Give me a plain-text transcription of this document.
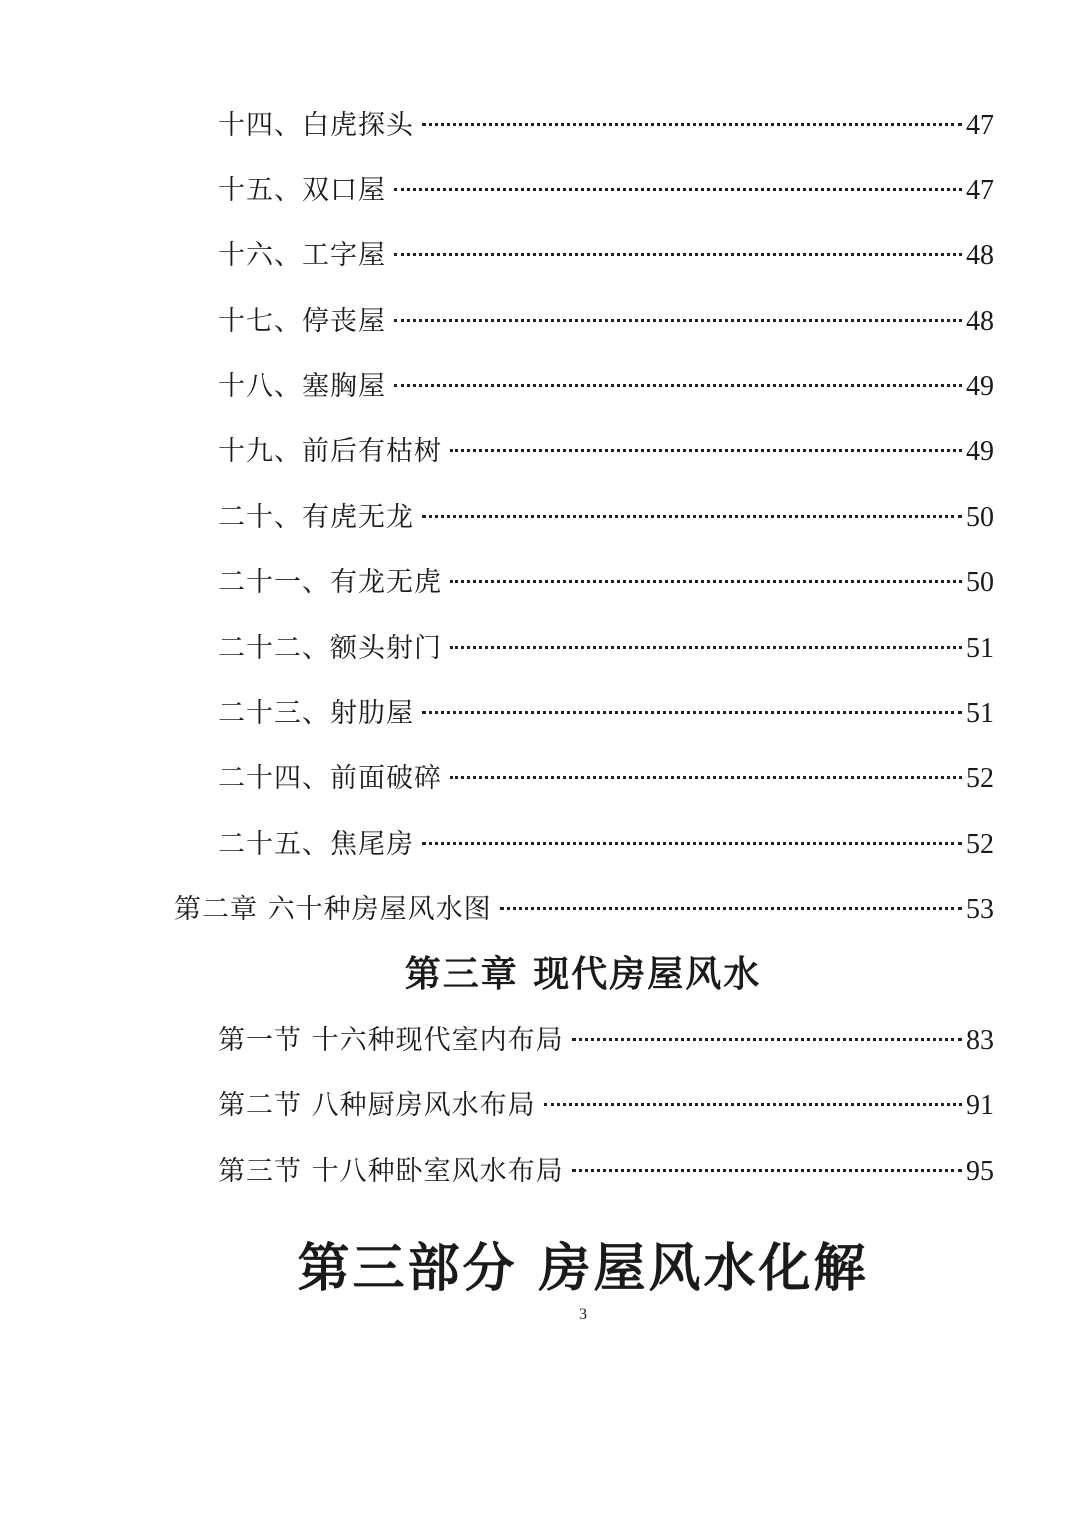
十四、白虎探头	47
十五、双口屋	47
十六、工字屋	48
十七、停丧屋	48
十八、塞胸屋	49
十九、前后有枯树	49
二十、有虎无龙	50
二十一、有龙无虎	50
二十二、额头射门	51
二十三、射肋屋	51
二十四、前面破碎	52
二十五、焦尾房	52
第二章 六十种房屋风水图	53
第三章 现代房屋风水
第一节 十六种现代室内布局	83
第二节 八种厨房风水布局	91
第三节 十八种卧室风水布局	95
第三部分 房屋风水化解
3
